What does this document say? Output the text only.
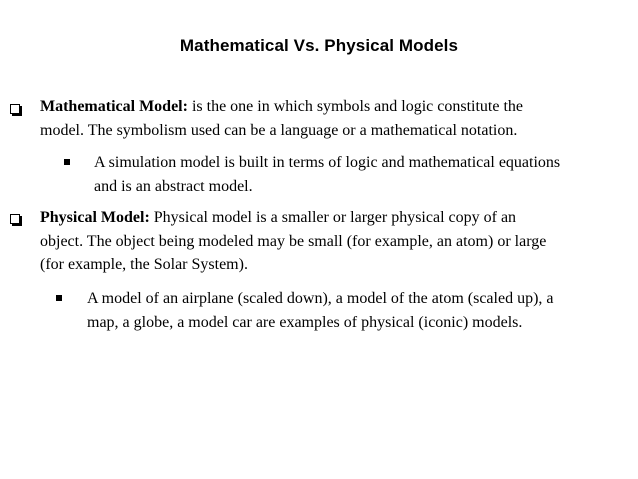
Mathematical Vs. Physical Models
Mathematical Model: is the one in which symbols and logic constitute the
model. The symbolism used can be a language or a mathematical notation.
A simulation model is built in terms of logic and mathematical equations
and is an abstract model.
Physical Model: Physical model is a smaller or larger physical copy of an
object. The object being modeled may be small (for example, an atom) or large
(for example, the Solar System).
A model of an airplane (scaled down), a model of the atom (scaled up), a
map, a globe, a model car are examples of physical (iconic) models.
